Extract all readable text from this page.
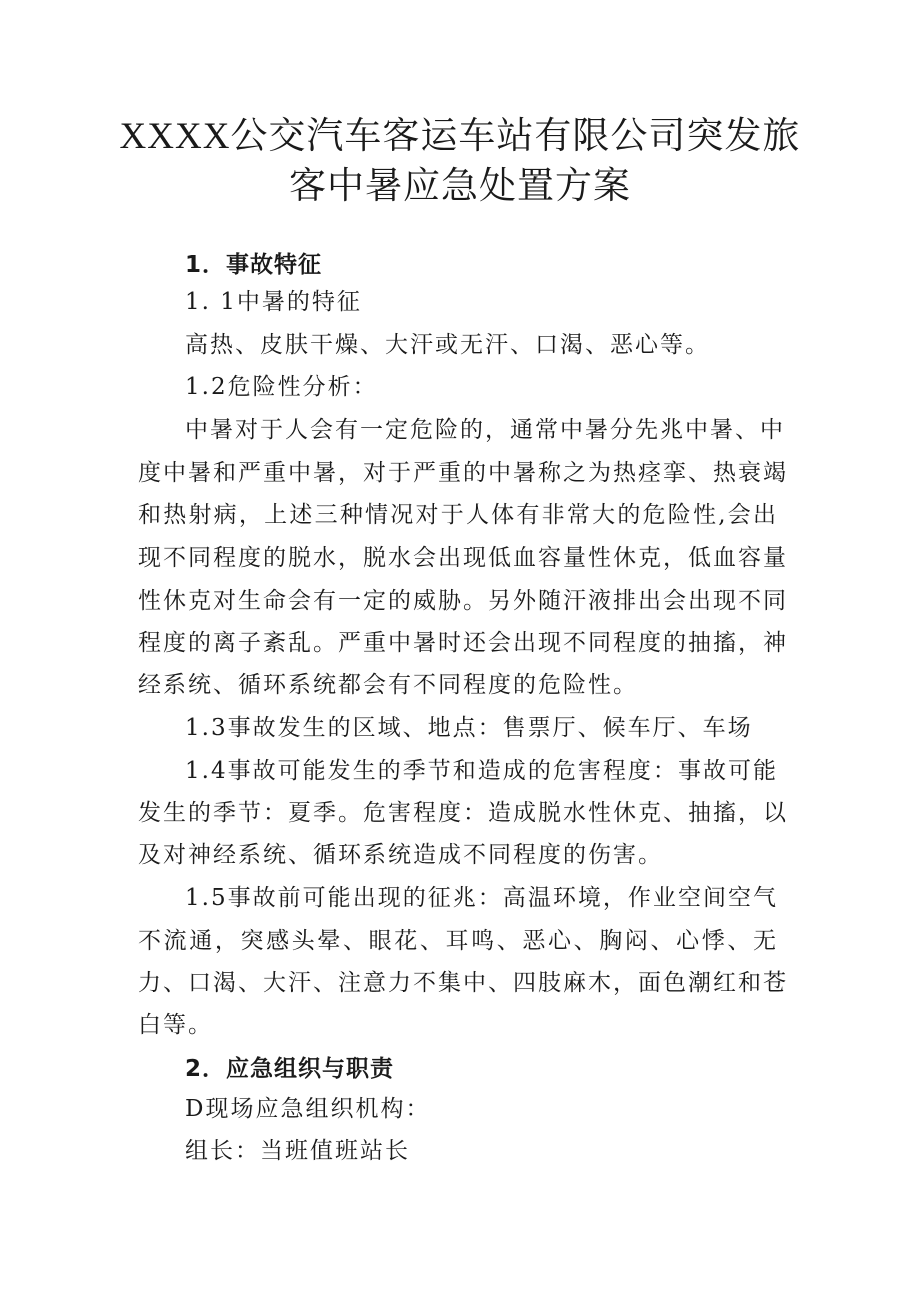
XXXX公交汽车客运车站有限公司突发旅
客中暑应急处置方案
1．事故特征
1. 1中暑的特征
高热、皮肤干燥、大汗或无汗、口渴、恶心等。
1.2危险性分析：
中暑对于人会有一定危险的，通常中暑分先兆中暑、中
度中暑和严重中暑，对于严重的中暑称之为热痉挛、热衰竭
和热射病，上述三种情况对于人体有非常大的危险性,会出
现不同程度的脱水，脱水会出现低血容量性休克，低血容量
性休克对生命会有一定的威胁。另外随汗液排出会出现不同
程度的离子紊乱。严重中暑时还会出现不同程度的抽搐，神
经系统、循环系统都会有不同程度的危险性。
1.3事故发生的区域、地点：售票厅、候车厅、车场
1.4事故可能发生的季节和造成的危害程度：事故可能
发生的季节：夏季。危害程度：造成脱水性休克、抽搐，以
及对神经系统、循环系统造成不同程度的伤害。
1.5事故前可能出现的征兆：高温环境，作业空间空气
不流通，突感头晕、眼花、耳鸣、恶心、胸闷、心悸、无
力、口渴、大汗、注意力不集中、四肢麻木，面色潮红和苍
白等。
2．应急组织与职责
D现场应急组织机构：
组长：当班值班站长
